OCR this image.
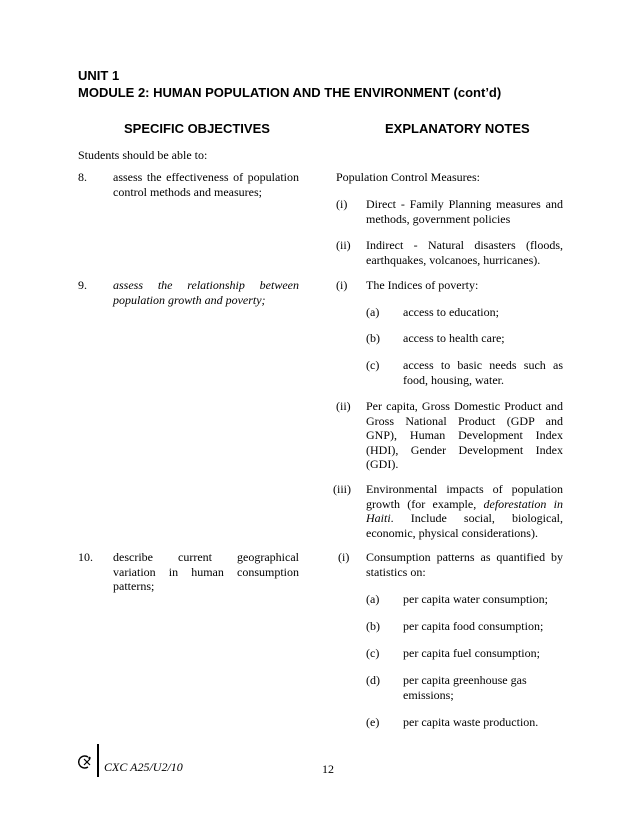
UNIT 1

MODULE 2: HUMAN POPULATION AND THE ENVIRONMENT (cont’d)

SPECIFIC OBJECTIVES	EXPLANATORY NOTES

Students should be able to:

8. assess the effectiveness of population control methods and measures;

Population Control Measures:

(i) Direct - Family Planning measures and methods, government policies

(ii) Indirect - Natural disasters (floods, earthquakes, volcanoes, hurricanes).

9. assess the relationship between population growth and poverty;

(i) The Indices of poverty:

(a) access to education;

(b) access to health care;

(c) access to basic needs such as food, housing, water.

(ii) Per capita, Gross Domestic Product and Gross National Product (GDP and GNP), Human Development Index (HDI), Gender Development Index (GDI).

(iii) Environmental impacts of population growth (for example, deforestation in Haiti. Include social, biological, economic, physical considerations).

10. describe current geographical variation in human consumption patterns;

(i) Consumption patterns as quantified by statistics on:

(a) per capita water consumption;

(b) per capita food consumption;

(c) per capita fuel consumption;

(d) per capita greenhouse gas emissions;

(e) per capita waste production.

CXC A25/U2/10	12
